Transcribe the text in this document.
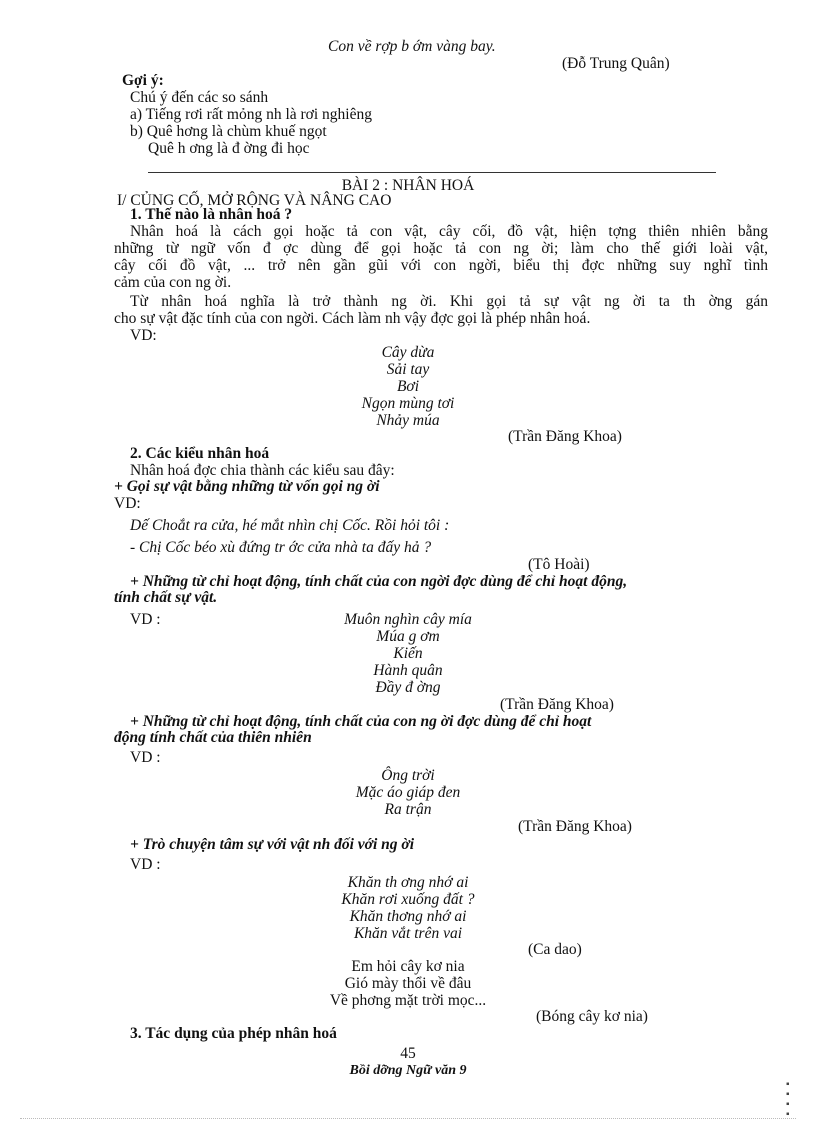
Con về rợp b ớm vàng bay.
(Đỗ Trung Quân)
Gợi ý:
Chú ý đến các so sánh
a) Tiếng rơi rất mỏng nh là rơi nghiêng
b) Quê hơng là chùm khuế ngọt
Quê h ơng là đ ờng đi học
BÀI 2 : NHÂN HOÁ
I/ CỦNG CỐ, MỞ RỘNG VÀ NÂNG CAO
1. Thế nào là nhân hoá ?
Nhân hoá là cách gọi hoặc tả con vật, cây cối, đồ vật, hiện tợng thiên nhiên bằng
những từ ngữ vốn đ ợc dùng để gọi hoặc tả con ng ời; làm cho thế giới loài vật,
cây cối đồ vật, ... trở nên gần gũi với con ngời, biểu thị đợc những suy nghĩ tình
cảm của con ng ời.
Từ nhân hoá nghĩa là trở thành ng ời. Khi gọi tả sự vật ng ời ta th ờng gán
cho sự vật đặc tính của con ngời. Cách làm nh vậy đợc gọi là phép nhân hoá.
VD:
Cây dừa
Sải tay
Bơi
Ngọn mùng tơi
Nhảy múa
(Trần Đăng Khoa)
2. Các kiểu nhân hoá
Nhân hoá đợc chia thành các kiểu sau đây:
+ Gọi sự vật bằng những từ vốn gọi ng ời
VD:
Dế Choắt ra cửa, hé mắt nhìn chị Cốc. Rồi hỏi tôi :
- Chị Cốc béo xù đứng tr ớc cửa nhà ta đấy hả ?
(Tô Hoài)
+ Những từ chỉ hoạt động, tính chất của con ngời đợc dùng để chỉ hoạt động,
tính chất sự vật.
VD :	Muôn nghìn cây mía
Múa g ơm
Kiến
Hành quân
Đầy đ ờng
(Trần Đăng Khoa)
+ Những từ chỉ hoạt động, tính chất của con ng ời đợc dùng để chỉ hoạt
động tính chất của thiên nhiên
VD :
Ông trời
Mặc áo giáp đen
Ra trận
(Trần Đăng Khoa)
+ Trò chuyện tâm sự với vật nh đối với ng ời
VD :
Khăn th ơng nhớ ai
Khăn rơi xuống đất ?
Khăn thơng nhớ ai
Khăn vắt trên vai
(Ca dao)
Em hỏi cây kơ nia
Gió mày thổi về đâu
Về phơng mặt trời mọc...
(Bóng cây kơ nia)
3. Tác dụng của phép nhân hoá
45
Bồi dỡng Ngữ văn 9
▪
▪
▪
▪
